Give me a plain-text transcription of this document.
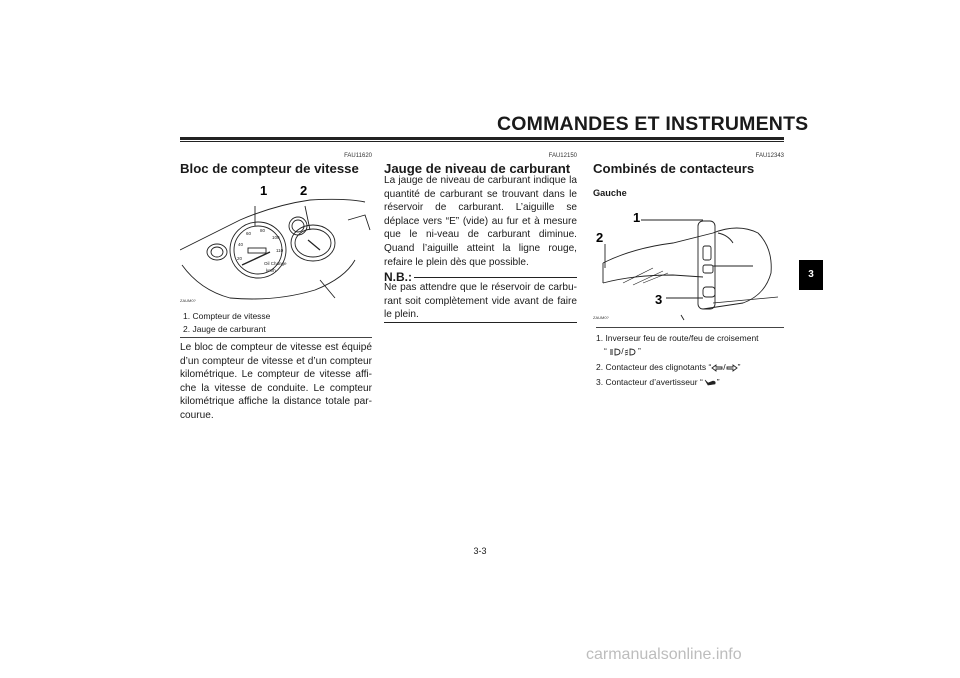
COMMANDES ET INSTRUMENTS
FAU11620
Bloc de compteur de vitesse
1	2
20
40
60
80
100
110
Oil Change
km/h
ZAUM0?
1. Compteur de vitesse
2. Jauge de carburant

Le bloc de compteur de vitesse est équipé d’un compteur de vitesse et d’un compteur kilométrique. Le compteur de vitesse affi-che la vitesse de conduite. Le compteur kilométrique affiche la distance totale par-courue.

FAU12150
Jauge de niveau de carburant

La jauge de niveau de carburant indique la quantité de carburant se trouvant dans le réservoir de carburant. L’aiguille se déplace vers “E” (vide) au fur et à mesure que le ni-veau de carburant diminue. Quand l’aiguille atteint la ligne rouge, refaire le plein dès que possible.

N.B.:

Ne pas attendre que le réservoir de carbu-rant soit complètement vide avant de faire le plein.

FAU12343
Combinés de contacteurs
Gauche
1
2
3
ZAUM0?
1. Inverseur feu de route/feu de croisement
“ / ”
2. Contacteur des clignotants “ / ”
3. Contacteur d’avertisseur “ ”
3
3-3
carmanualsonline.info
